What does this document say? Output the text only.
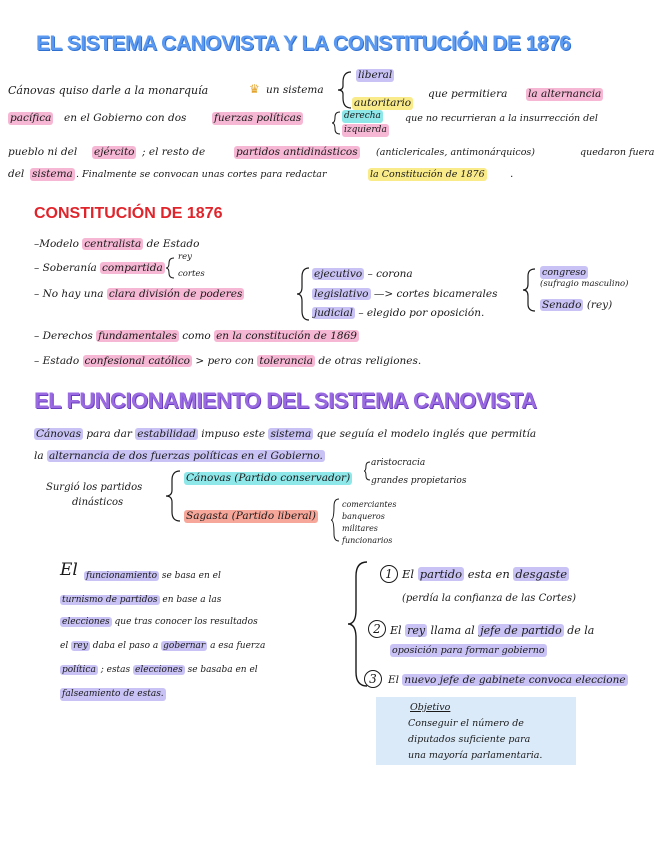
EL SISTEMA CANOVISTA Y LA CONSTITUCIÓN DE 1876
Cánovas quiso darle a la monarquía	♛ un sistema
liberal
autoritario
que permitiera la alternancia
pacífica en el Gobierno con dos	fuerzas políticas	derecha
izquierda
que no recurrieran a la insurrección del
pueblo ni del ejército ; el resto de	partidos antidinásticos (anticlericales, antimonárquicos)	quedaron fuera
del sistema . Finalmente se convocan unas cortes para redactar	la Constitución de 1876 .
CONSTITUCIÓN DE 1876
–Modelo centralista de Estado
– Soberanía compartida
rey
cortes
– No hay una clara división de poderes
ejecutivo – corona
legislativo —> cortes bicamerales
judicial – elegido por oposición.
congreso
(sufragio masculino)
Senado (rey)
– Derechos fundamentales como en la constitución de 1869
– Estado confesional católico > pero con tolerancia de otras religiones.
EL FUNCIONAMIENTO DEL SISTEMA CANOVISTA
Cánovas para dar estabilidad impuso este sistema que seguía el modelo inglés que permitía
la alternancia de dos fuerzas políticas en el Gobierno.
Surgió los partidos
dinásticos
Cánovas (Partido conservador)
aristocracia
grandes propietarios
Sagasta (Partido liberal)
comerciantes
banqueros
militares
funcionarios
El funcionamiento se basa en el
turnismo de partidos en base a las
elecciones que tras conocer los resultados
el rey daba el paso a gobernar a esa fuerza
política ; estas elecciones se basaba en el
falseamiento de estas.
1 El partido esta en desgaste
(perdía la confianza de las Cortes)
2 El rey llama al jefe de partido de la
oposición para formar gobierno
3	El nuevo jefe de gabinete convoca eleccione
Objetivo
Conseguir el número de
diputados suficiente para
una mayoría parlamentaria.
